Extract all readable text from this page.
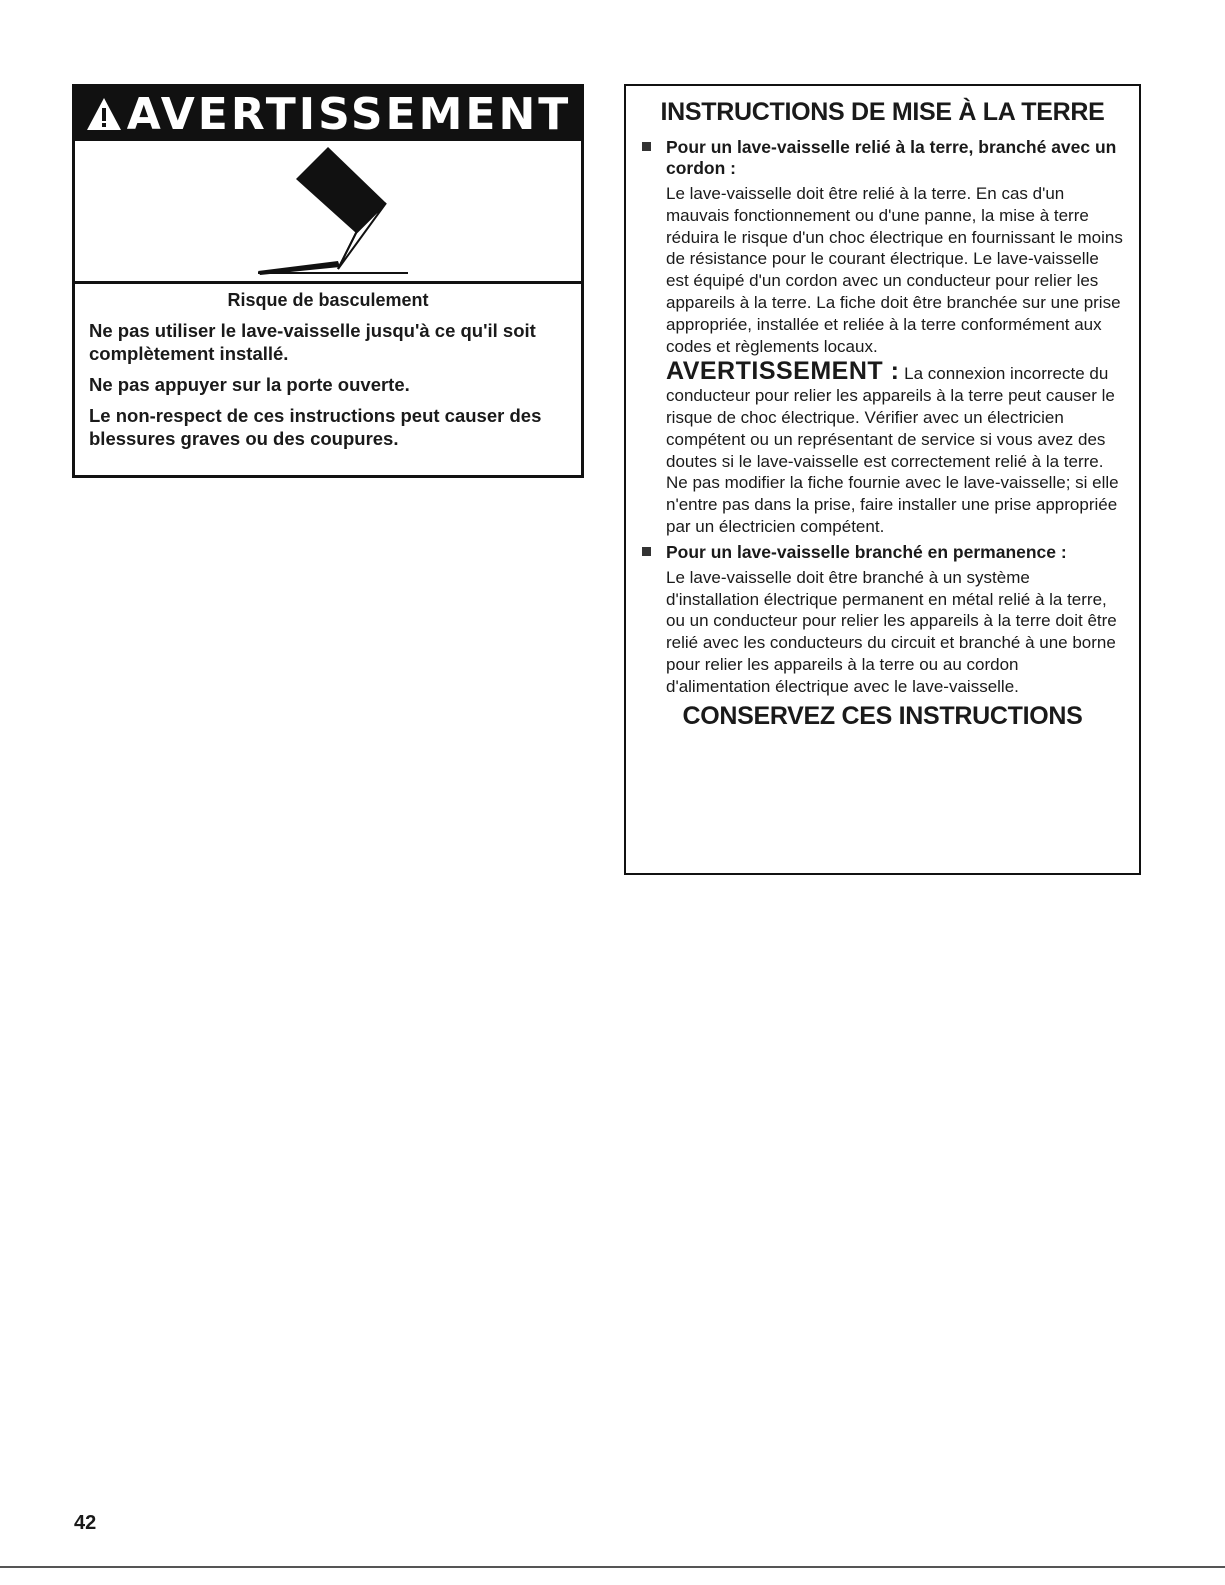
AVERTISSEMENT

Risque de basculement

Ne pas utiliser le lave-vaisselle jusqu'à ce qu'il soit complètement installé.

Ne pas appuyer sur la porte ouverte.

Le non-respect de ces instructions peut causer des blessures graves ou des coupures.

INSTRUCTIONS DE MISE À LA TERRE

Pour un lave-vaisselle relié à la terre, branché avec un cordon :

Le lave-vaisselle doit être relié à la terre. En cas d'un mauvais fonctionnement ou d'une panne, la mise à terre réduira le risque d'un choc électrique en fournissant le moins de résistance pour le courant électrique. Le lave-vaisselle est équipé d'un cordon avec un conducteur pour relier les appareils à la terre. La fiche doit être branchée sur une prise appropriée, installée et reliée à la terre conformément aux codes et règlements locaux.

AVERTISSEMENT : La connexion incorrecte du conducteur pour relier les appareils à la terre peut causer le risque de choc électrique. Vérifier avec un électricien compétent ou un représentant de service si vous avez des doutes si le lave-vaisselle est correctement relié à la terre. Ne pas modifier la fiche fournie avec le lave-vaisselle; si elle n'entre pas dans la prise, faire installer une prise appropriée par un électricien compétent.

Pour un lave-vaisselle branché en permanence :

Le lave-vaisselle doit être branché à un système d'installation électrique permanent en métal relié à la terre, ou un conducteur pour relier les appareils à la terre doit être relié avec les conducteurs du circuit et branché à une borne pour relier les appareils à la terre ou au cordon d'alimentation électrique avec le lave-vaisselle.

CONSERVEZ CES INSTRUCTIONS

42
